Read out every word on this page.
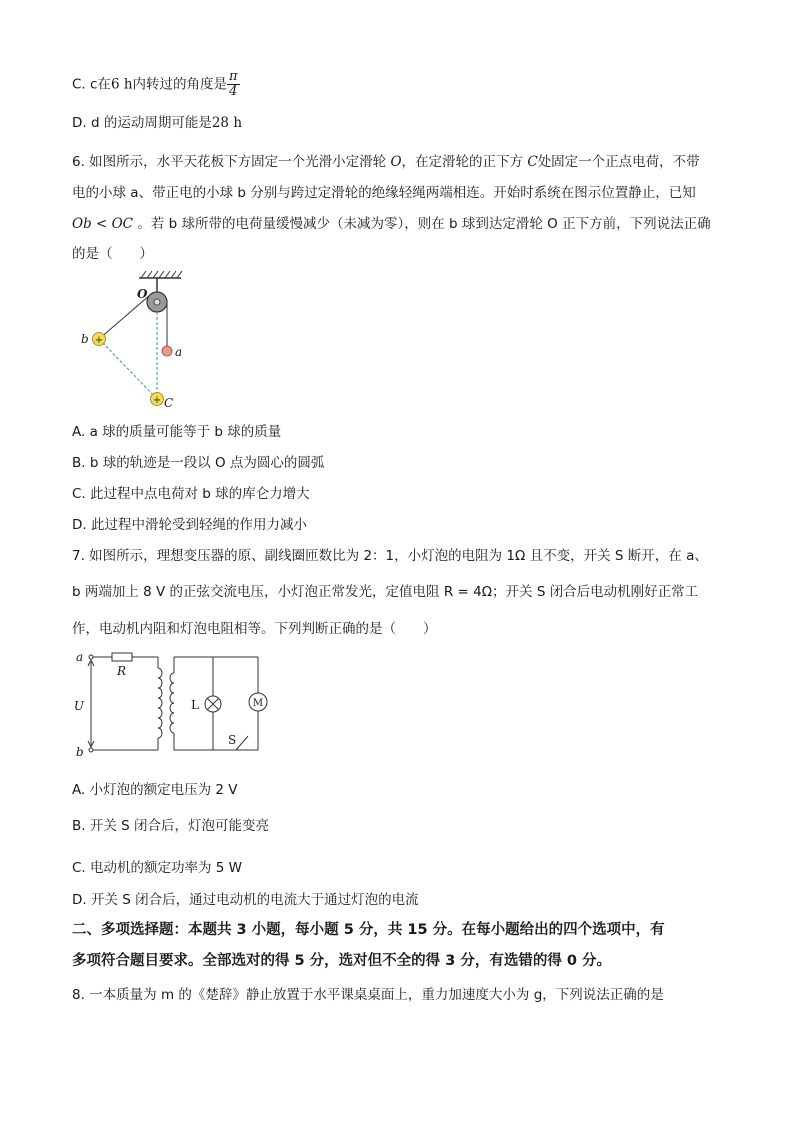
C. c在6 h内转过的角度是 $\frac{\pi}{4}$
D. d 的运动周期可能是28 h
6. 如图所示，水平天花板下方固定一个光滑小定滑轮 O，在定滑轮的正下方 C处固定一个正点电荷，不带
电的小球 a、带正电的小球 b 分别与跨过定滑轮的绝缘轻绳两端相连。开始时系统在图示位置静止，已知
Ob < OC 。若 b 球所带的电荷量缓慢减少（未减为零），则在 b 球到达定滑轮 O 正下方前，下列说法正确
的是（　　）
+
+
O
a
b
C
A. a 球的质量可能等于 b 球的质量
B. b 球的轨迹是一段以 O 点为圆心的圆弧
C. 此过程中点电荷对 b 球的库仑力增大
D. 此过程中滑轮受到轻绳的作用力减小
7. 如图所示，理想变压器的原、副线圈匝数比为 2：1，小灯泡的电阻为 1Ω 且不变，开关 S 断开，在 a、
b 两端加上 8 V 的正弦交流电压，小灯泡正常发光，定值电阻 R = 4Ω；开关 S 闭合后电动机刚好正常工
作，电动机内阻和灯泡电阻相等。下列判断正确的是（　　）
a
b
R
U	L	M
S
A. 小灯泡的额定电压为 2 V
B. 开关 S 闭合后，灯泡可能变亮
C. 电动机的额定功率为 5 W
D. 开关 S 闭合后，通过电动机的电流大于通过灯泡的电流
二、多项选择题：本题共 3 小题，每小题 5 分，共 15 分。在每小题给出的四个选项中，有
多项符合题目要求。全部选对的得 5 分，选对但不全的得 3 分，有选错的得 0 分。
8. 一本质量为 m 的《楚辞》静止放置于水平课桌桌面上，重力加速度大小为 g，下列说法正确的是
